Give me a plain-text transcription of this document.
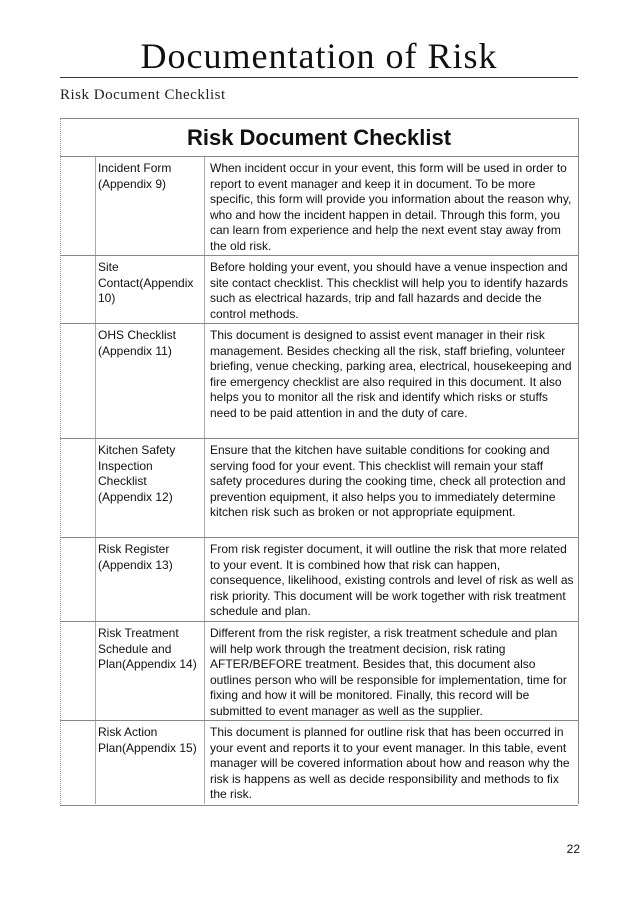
Documentation of Risk
Risk Document Checklist
Risk Document Checklist
Incident Form (Appendix 9)
When incident occur in your event, this form will be used in order to report to event manager and keep it in document. To be more specific, this form will provide you information about the reason why, who and how the incident happen in detail. Through this form, you can learn from experience and help the next event stay away from the old risk.
Site Contact(Appendix 10)
Before holding your event, you should have a venue inspection and site contact checklist. This checklist will help you to identify hazards such as electrical hazards, trip and fall hazards and decide the control methods.
OHS Checklist (Appendix 11)
This document is designed to assist event manager in their risk management. Besides checking all the risk, staff briefing, volunteer briefing, venue checking, parking area, electrical, housekeeping and fire emergency checklist are also required in this document. It also helps you to monitor all the risk and identify which risks or stuffs need to be paid attention in and the duty of care.
Kitchen Safety Inspection Checklist (Appendix 12)
Ensure that the kitchen have suitable conditions for cooking and serving food for your event. This checklist will remain your staff safety procedures during the cooking time, check all protection and prevention equipment, it also helps you to immediately determine kitchen risk such as broken or not appropriate equipment.
Risk Register (Appendix 13)
From risk register document, it will outline the risk that more related to your event. It is combined how that risk can happen, consequence, likelihood, existing controls and level of risk as well as risk priority. This document will be work together with risk treatment schedule and plan.
Risk Treatment Schedule and Plan(Appendix 14)
Different from the risk register, a risk treatment schedule and plan will help work through the treatment decision, risk rating AFTER/BEFORE treatment. Besides that, this document also outlines person who will be responsible for implementation, time for fixing and how it will be monitored. Finally, this record will be submitted to event manager as well as the supplier.
Risk Action Plan(Appendix 15)
This document is planned for outline risk that has been occurred in your event and reports it to your event manager. In this table, event manager will be covered information about how and reason why the risk is happens as well as decide responsibility and methods to fix the risk.
22
